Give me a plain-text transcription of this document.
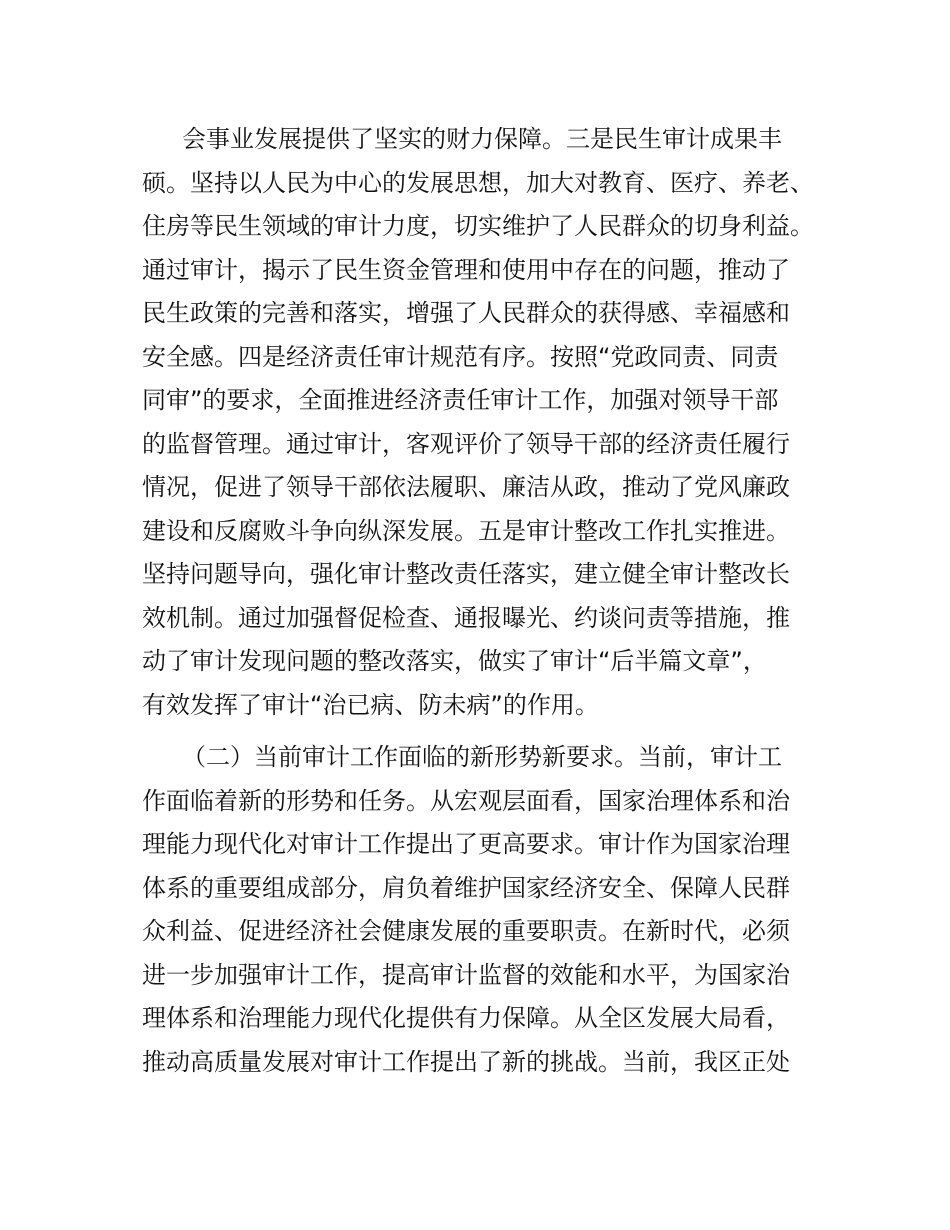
会事业发展提供了坚实的财力保障。三是民生审计成果丰
硕。坚持以人民为中心的发展思想，加大对教育、医疗、养老、
住房等民生领域的审计力度，切实维护了人民群众的切身利益。
通过审计，揭示了民生资金管理和使用中存在的问题，推动了
民生政策的完善和落实，增强了人民群众的获得感、幸福感和
安全感。四是经济责任审计规范有序。按照“党政同责、同责
同审”的要求，全面推进经济责任审计工作，加强对领导干部
的监督管理。通过审计，客观评价了领导干部的经济责任履行
情况，促进了领导干部依法履职、廉洁从政，推动了党风廉政
建设和反腐败斗争向纵深发展。五是审计整改工作扎实推进。
坚持问题导向，强化审计整改责任落实，建立健全审计整改长
效机制。通过加强督促检查、通报曝光、约谈问责等措施，推
动了审计发现问题的整改落实，做实了审计“后半篇文章”，
有效发挥了审计“治已病、防未病”的作用。
（二）当前审计工作面临的新形势新要求。当前，审计工
作面临着新的形势和任务。从宏观层面看，国家治理体系和治
理能力现代化对审计工作提出了更高要求。审计作为国家治理
体系的重要组成部分，肩负着维护国家经济安全、保障人民群
众利益、促进经济社会健康发展的重要职责。在新时代，必须
进一步加强审计工作，提高审计监督的效能和水平，为国家治
理体系和治理能力现代化提供有力保障。从全区发展大局看，
推动高质量发展对审计工作提出了新的挑战。当前，我区正处
